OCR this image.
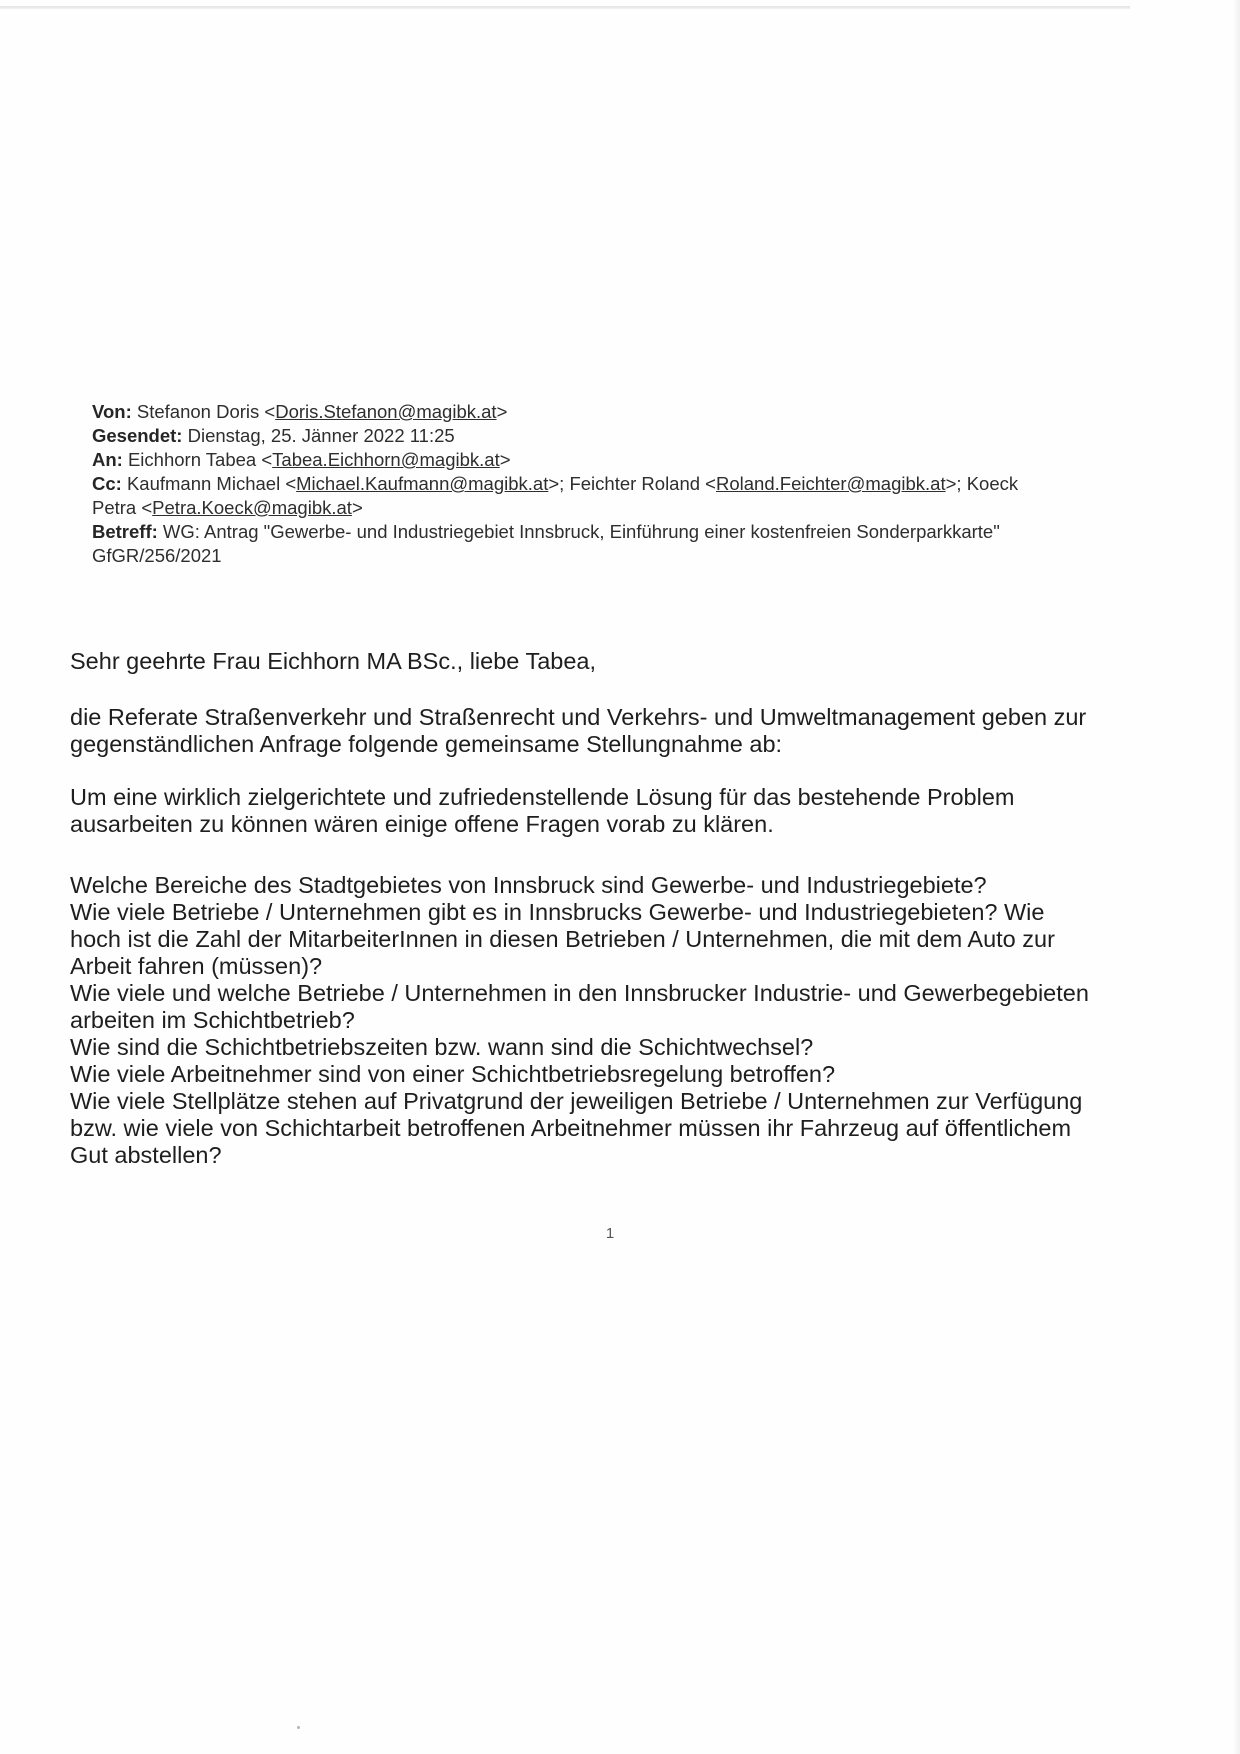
Von: Stefanon Doris <Doris.Stefanon@magibk.at>

Gesendet: Dienstag, 25. Jänner 2022 11:25

An: Eichhorn Tabea <Tabea.Eichhorn@magibk.at>

Cc: Kaufmann Michael <Michael.Kaufmann@magibk.at>; Feichter Roland <Roland.Feichter@magibk.at>; Koeck
Petra <Petra.Koeck@magibk.at>

Betreff: WG: Antrag "Gewerbe- und Industriegebiet Innsbruck, Einführung einer kostenfreien Sonderparkkarte"
GfGR/256/2021

Sehr geehrte Frau Eichhorn MA BSc., liebe Tabea,

die Referate Straßenverkehr und Straßenrecht und Verkehrs- und Umweltmanagement geben zur
gegenständlichen Anfrage folgende gemeinsame Stellungnahme ab:

Um eine wirklich zielgerichtete und zufriedenstellende Lösung für das bestehende Problem
ausarbeiten zu können wären einige offene Fragen vorab zu klären.

Welche Bereiche des Stadtgebietes von Innsbruck sind Gewerbe- und Industriegebiete?
Wie viele Betriebe / Unternehmen gibt es in Innsbrucks Gewerbe- und Industriegebieten? Wie
hoch ist die Zahl der MitarbeiterInnen in diesen Betrieben / Unternehmen, die mit dem Auto zur
Arbeit fahren (müssen)?
Wie viele und welche Betriebe / Unternehmen in den Innsbrucker Industrie- und Gewerbegebieten
arbeiten im Schichtbetrieb?
Wie sind die Schichtbetriebszeiten bzw. wann sind die Schichtwechsel?
Wie viele Arbeitnehmer sind von einer Schichtbetriebsregelung betroffen?
Wie viele Stellplätze stehen auf Privatgrund der jeweiligen Betriebe / Unternehmen zur Verfügung
bzw. wie viele von Schichtarbeit betroffenen Arbeitnehmer müssen ihr Fahrzeug auf öffentlichem
Gut abstellen?

1
